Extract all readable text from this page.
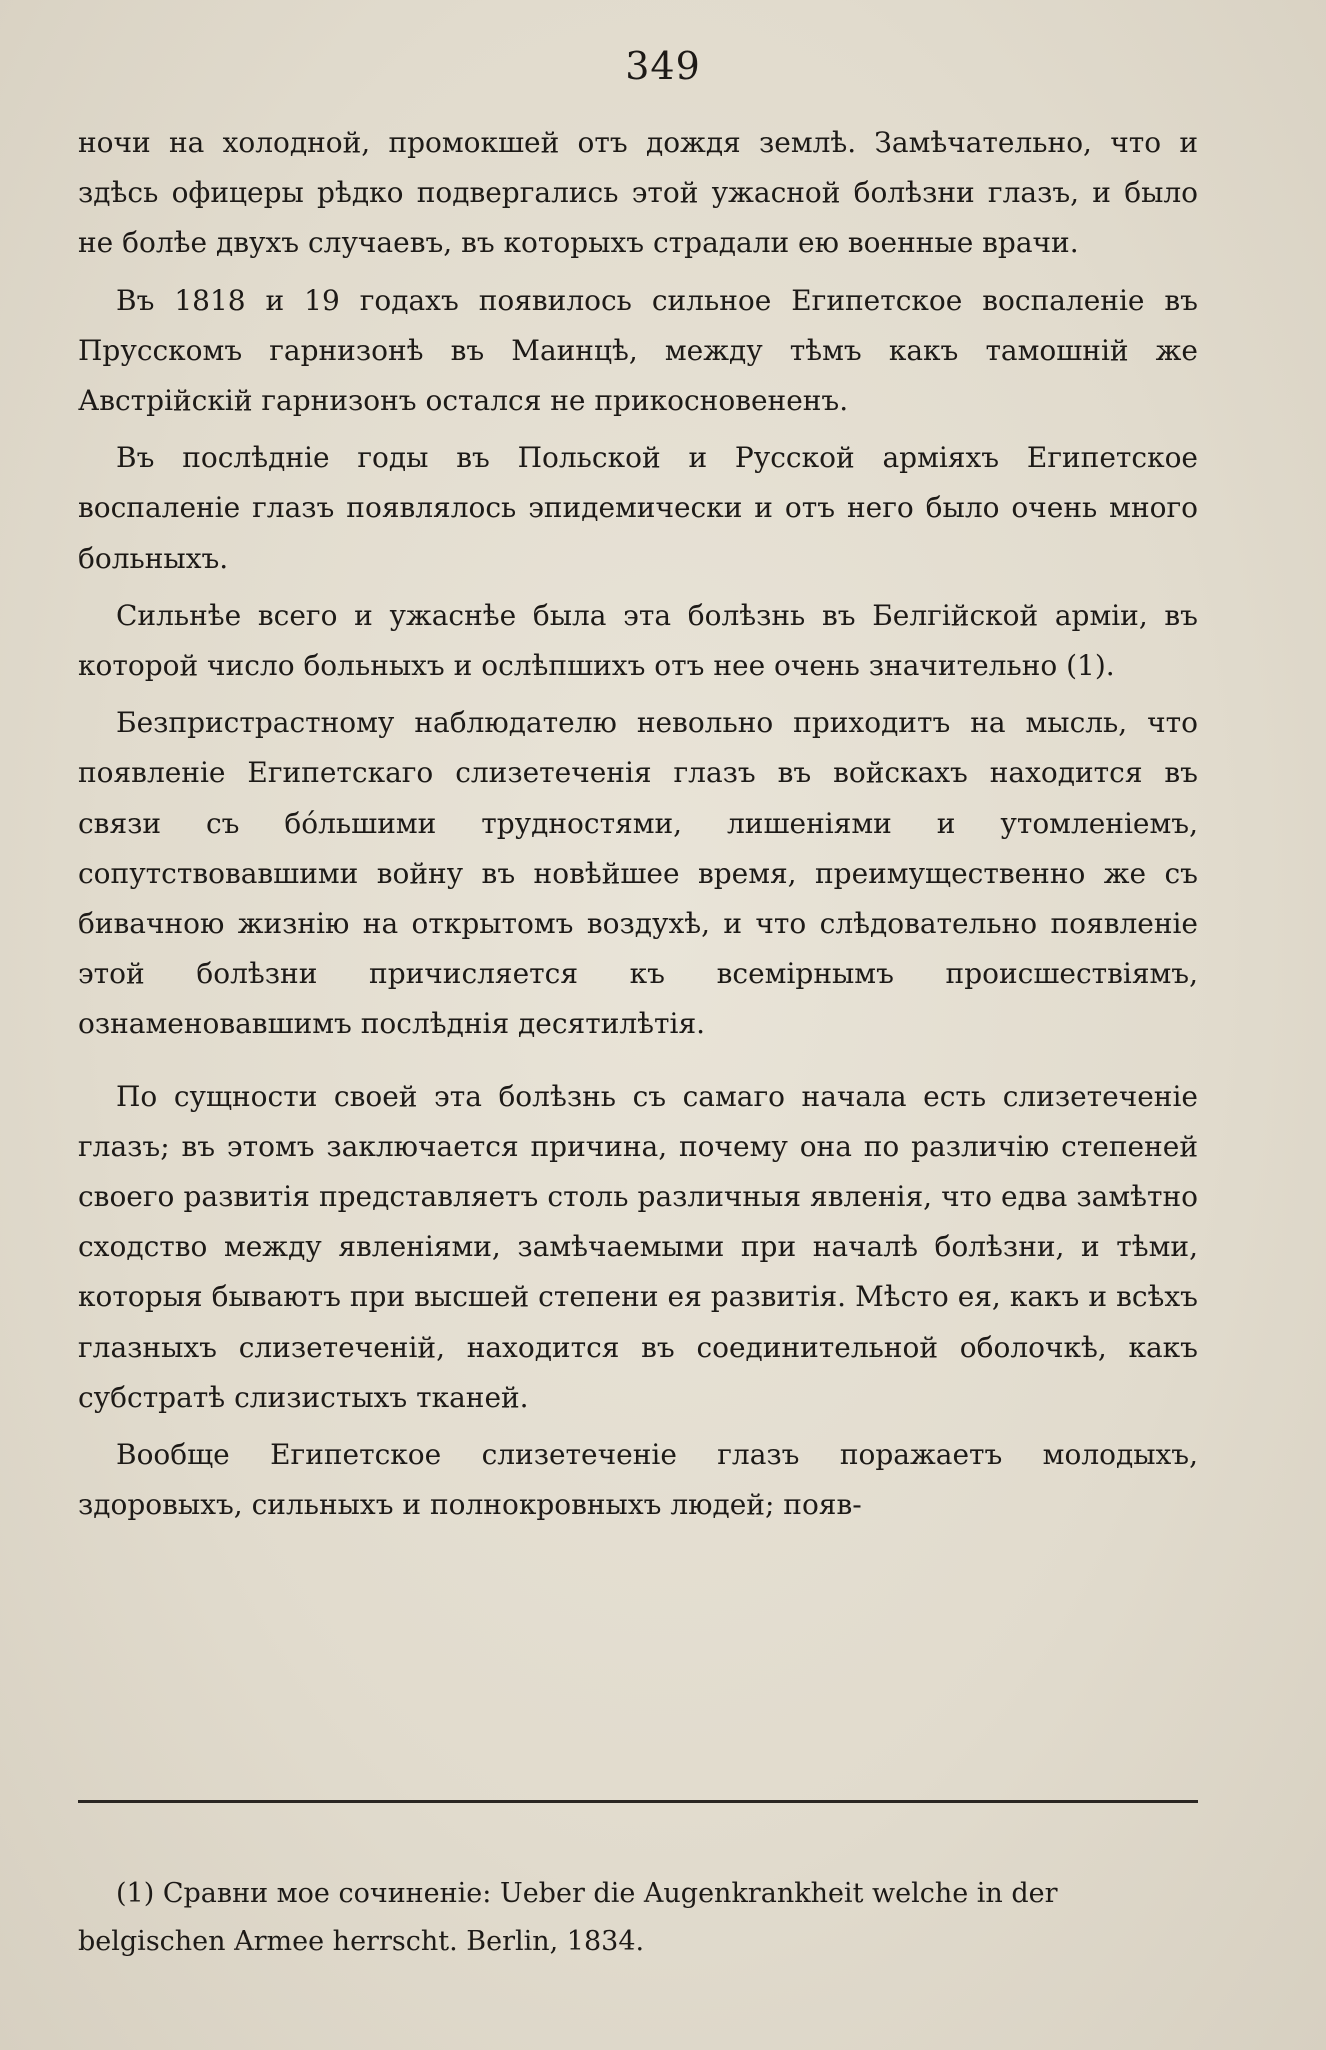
349

ночи на холодной, промокшей отъ дождя землѣ. Замѣчательно, что и здѣсь офицеры рѣдко подвергались этой ужасной болѣзни глазъ, и было не болѣе двухъ случаевъ, въ которыхъ страдали ею военные врачи.

Въ 1818 и 19 годахъ появилось сильное Египетское воспаленіе въ Прусскомъ гарнизонѣ въ Маинцѣ, между тѣмъ какъ тамошній же Австрійскій гарнизонъ остался не прикосновененъ.

Въ послѣдніе годы въ Польской и Русской арміяхъ Египетское воспаленіе глазъ появлялось эпидемически и отъ него было очень много больныхъ.

Сильнѣе всего и ужаснѣе была эта болѣзнь въ Белгійской арміи, въ которой число больныхъ и ослѣпшихъ отъ нее очень значительно (1).

Безпристрастному наблюдателю невольно приходитъ на мысль, что появленіе Египетскаго слизетеченія глазъ въ войскахъ находится въ связи съ бо́льшими трудностями, лишеніями и утомленіемъ, сопутствовавшими войну въ новѣйшее время, преимущественно же съ бивачною жизнію на открытомъ воздухѣ, и что слѣдовательно появленіе этой болѣзни причисляется къ всемірнымъ происшествіямъ, ознаменовавшимъ послѣднія десятилѣтія.

По сущности своей эта болѣзнь съ самаго начала есть слизетеченіе глазъ; въ этомъ заключается причина, почему она по различію степеней своего развитія представляетъ столь различныя явленія, что едва замѣтно сходство между явленіями, замѣчаемыми при началѣ болѣзни, и тѣми, которыя бываютъ при высшей степени ея развитія. Мѣсто ея, какъ и всѣхъ глазныхъ слизетеченій, находится въ соединительной оболочкѣ, какъ субстратѣ слизистыхъ ткaней.

Вообще Египетское слизетеченіе глазъ поражаетъ молодыхъ, здоровыхъ, сильныхъ и полнокровныхъ людей; появ-

(1) Сравни мое сочиненіе: Ueber die Augenkrankheit welche in der
belgischen Armee herrscht. Berlin, 1834.
